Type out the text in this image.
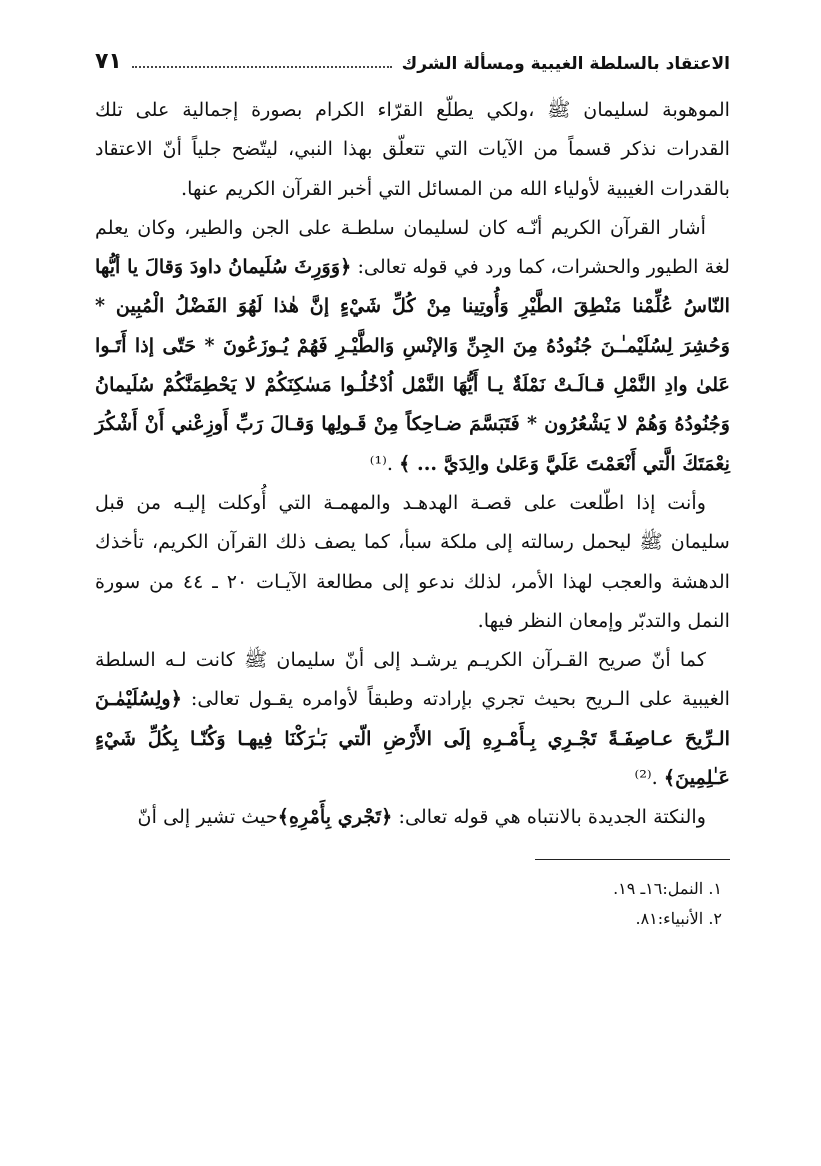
الاعتقاد بالسلطة الغيبية ومسألة الشرك
٧١

الموهوبة لسليمان ﷺ ،ولكي يطلّع القرّاء الكرام بصورة إجمالية على تلك القدرات نذكر قسماً من الآيات التي تتعلّق بهذا النبي، ليتّضح جلياً أنّ الاعتقاد بالقدرات الغيبية لأولياء الله من المسائل التي أخبر القرآن الكريم عنها.

أشار القرآن الكريم أنّـه كان لسليمان سلطـة على الجن والطير، وكان يعلم لغة الطيور والحشرات، كما ورد في قوله تعالى: ﴿وَوَرِثَ سُلَيمانُ داودَ وَقالَ يا أيُّها النّاسُ عُلِّمْنا مَنْطِقَ الطَّيْرِ وَأُوتِينا مِنْ كُلِّ شَيْءٍ إنَّ هٰذا لَهُوَ الفَضْلُ الْمُبِين * وَحُشِرَ لِسُلَيْمـٰـنَ جُنُودُهُ مِنَ الجِنِّ وَالإنْسِ وَالطَّيْـرِ فَهُمْ يُـوزَعُونَ * حَتّى إذا أَتَـوا عَلىٰ وادِ النَّمْلِ قـالَـتْ نَمْلَةٌ يـا أَيُّهَا النَّمْل اُدْخُلُـوا مَسٰكِنَكُمْ لا يَحْطِمَنَّكُمْ سُلَيمانُ وَجُنُودُهُ وَهُمْ لا يَشْعُرُون * فَتَبَسَّمَ ضـاحِكاً مِنْ قَـولِها وَقـالَ رَبِّ أَوزِعْني أَنْ أَشْكُرَ نِعْمَتَكَ الَّتي أَنْعَمْتَ عَلَيَّ وَعَلىٰ والِدَيَّ ... ﴾ .⁽¹⁾

وأنت إذا اطّلعت على قصـة الهدهـد والمهمـة التي أُوكلت إليـه من قبل سليمان ﷺ ليحمل رسالته إلى ملكة سبأ، كما يصف ذلك القرآن الكريم، تأخذك الدهشة والعجب لهذا الأمر، لذلك ندعو إلى مطالعة الآيـات ٢٠ ـ ٤٤ من سورة النمل والتدبّر وإمعان النظر فيها.

كما أنّ صريح القـرآن الكريـم يرشـد إلى أنّ سليمان ﷺ كانت لـه السلطة الغيبية على الـريح بحيث تجري بإرادته وطبقاً لأوامره يقـول تعالى: ﴿ولِسُلَيْمٰـنَ الـرِّيحَ عـاصِفَـةً تَجْـرِي بِـأَمْـرِهِ إلَى الأَرْضِ الّتي بَـٰرَكْنَا فِيهـا وَكُنّـا بِكُلِّ شَيْءٍ عَـٰلِمِينَ﴾ .⁽²⁾

والنكتة الجديدة بالانتباه هي قوله تعالى: ﴿تَجْري بِأَمْرِهِ﴾حيث تشير إلى أنّ

١. النمل:١٦ـ ١٩.
٢. الأنبياء:٨١.
